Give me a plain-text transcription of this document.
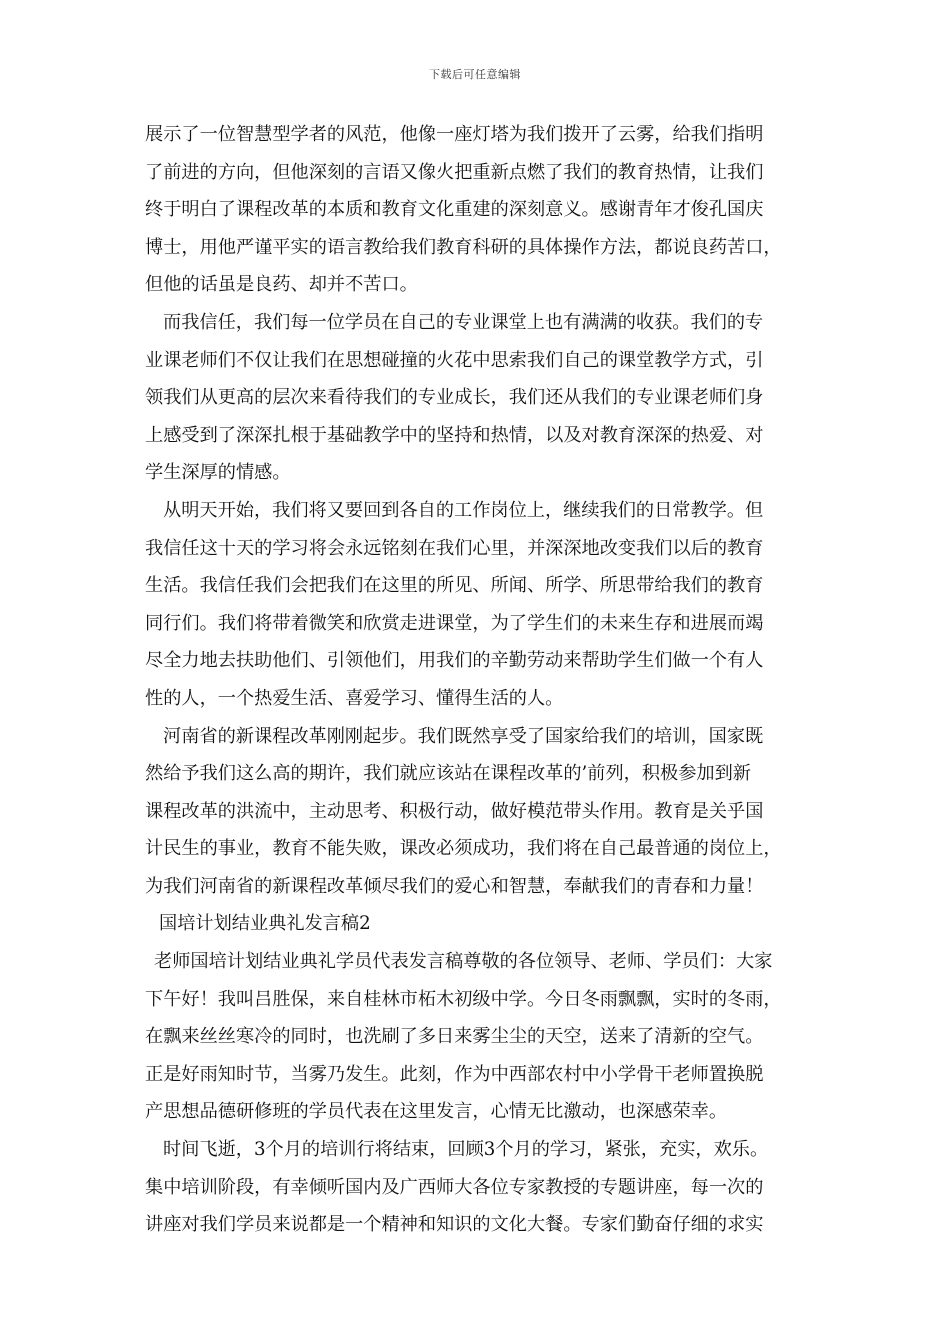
下载后可任意编辑
展示了一位智慧型学者的风范，他像一座灯塔为我们拨开了云雾，给我们指明
了前进的方向，但他深刻的言语又像火把重新点燃了我们的教育热情，让我们
终于明白了课程改革的本质和教育文化重建的深刻意义。感谢青年才俊孔国庆
博士，用他严谨平实的语言教给我们教育科研的具体操作方法，都说良药苦口，
但他的话虽是良药、却并不苦口。
而我信任，我们每一位学员在自己的专业课堂上也有满满的收获。我们的专
业课老师们不仅让我们在思想碰撞的火花中思索我们自己的课堂教学方式，引
领我们从更高的层次来看待我们的专业成长，我们还从我们的专业课老师们身
上感受到了深深扎根于基础教学中的坚持和热情，以及对教育深深的热爱、对
学生深厚的情感。
从明天开始，我们将又要回到各自的工作岗位上，继续我们的日常教学。但
我信任这十天的学习将会永远铭刻在我们心里，并深深地改变我们以后的教育
生活。我信任我们会把我们在这里的所见、所闻、所学、所思带给我们的教育
同行们。我们将带着微笑和欣赏走进课堂，为了学生们的未来生存和进展而竭
尽全力地去扶助他们、引领他们，用我们的辛勤劳动来帮助学生们做一个有人
性的人，一个热爱生活、喜爱学习、懂得生活的人。
河南省的新课程改革刚刚起步。我们既然享受了国家给我们的培训，国家既
然给予我们这么高的期许，我们就应该站在课程改革的’前列，积极参加到新
课程改革的洪流中，主动思考、积极行动，做好模范带头作用。教育是关乎国
计民生的事业，教育不能失败，课改必须成功，我们将在自己最普通的岗位上，
为我们河南省的新课程改革倾尽我们的爱心和智慧，奉献我们的青春和力量！
国培计划结业典礼发言稿2
老师国培计划结业典礼学员代表发言稿尊敬的各位领导、老师、学员们：大家
下午好！我叫吕胜保，来自桂林市柘木初级中学。今日冬雨飘飘，实时的冬雨，
在飘来丝丝寒冷的同时，也洗刷了多日来雾尘尘的天空，送来了清新的空气。
正是好雨知时节，当雾乃发生。此刻，作为中西部农村中小学骨干老师置换脱
产思想品德研修班的学员代表在这里发言，心情无比激动，也深感荣幸。
时间飞逝，3个月的培训行将结束，回顾3个月的学习，紧张，充实，欢乐。
集中培训阶段，有幸倾听国内及广西师大各位专家教授的专题讲座，每一次的
讲座对我们学员来说都是一个精神和知识的文化大餐。专家们勤奋仔细的求实
